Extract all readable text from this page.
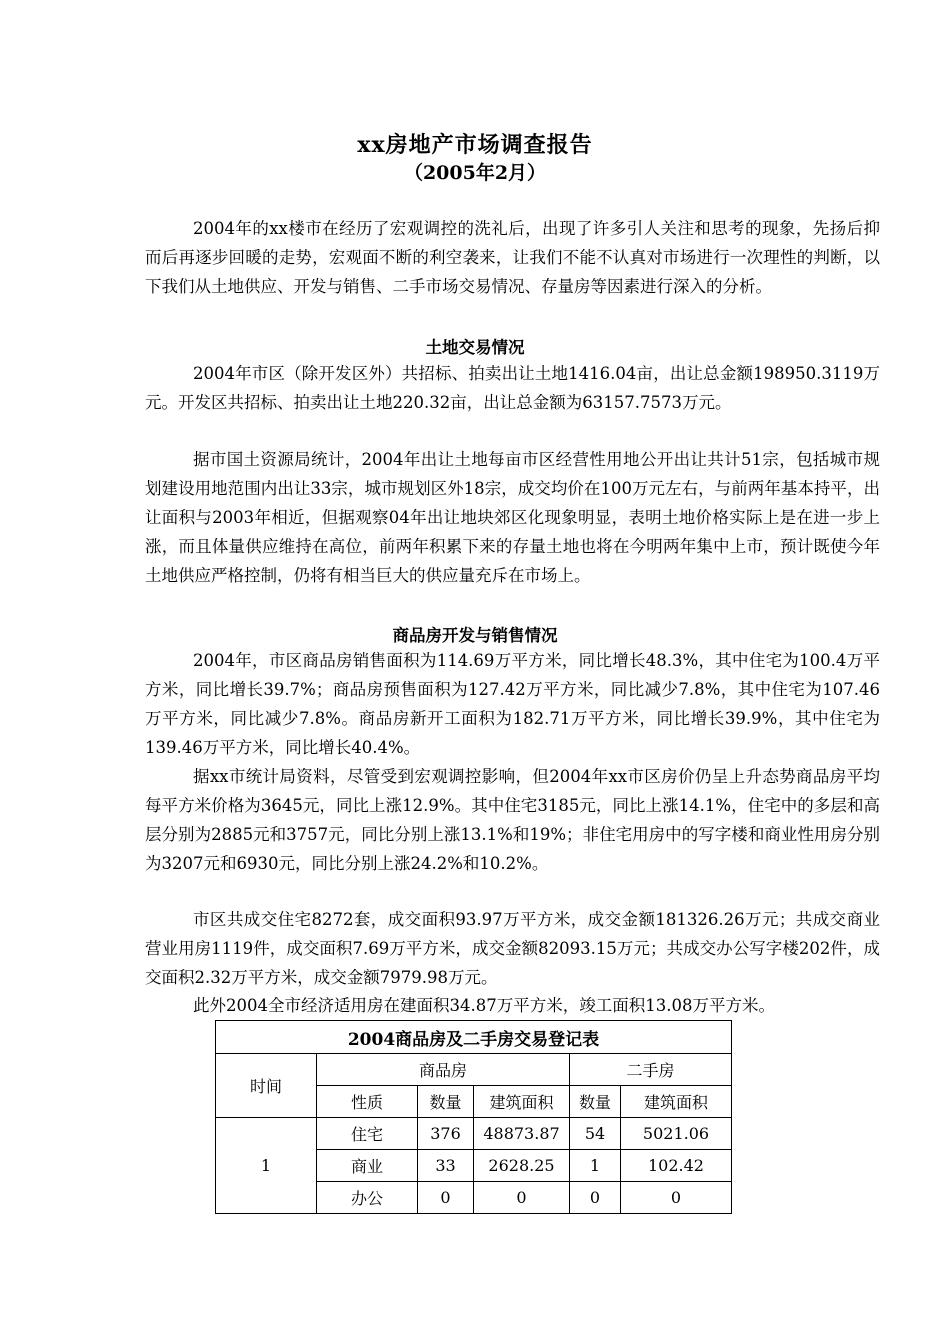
xx房地产市场调查报告
（2005年2月）

2004年的xx楼市在经历了宏观调控的洗礼后，出现了许多引人关注和思考的现象，先扬后抑而后再逐步回暖的走势，宏观面不断的利空袭来，让我们不能不认真对市场进行一次理性的判断，以下我们从土地供应、开发与销售、二手市场交易情况、存量房等因素进行深入的分析。

土地交易情况

2004年市区（除开发区外）共招标、拍卖出让土地1416.04亩，出让总金额198950.3119万元。开发区共招标、拍卖出让土地220.32亩，出让总金额为63157.7573万元。

据市国土资源局统计，2004年出让土地每亩市区经营性用地公开出让共计51宗，包括城市规划建设用地范围内出让33宗，城市规划区外18宗，成交均价在100万元左右，与前两年基本持平，出让面积与2003年相近，但据观察04年出让地块郊区化现象明显，表明土地价格实际上是在进一步上涨，而且体量供应维持在高位，前两年积累下来的存量土地也将在今明两年集中上市，预计既使今年土地供应严格控制，仍将有相当巨大的供应量充斥在市场上。

商品房开发与销售情况

2004年，市区商品房销售面积为114.69万平方米，同比增长48.3%，其中住宅为100.4万平方米，同比增长39.7%；商品房预售面积为127.42万平方米，同比减少7.8%，其中住宅为107.46万平方米，同比减少7.8%。商品房新开工面积为182.71万平方米，同比增长39.9%，其中住宅为139.46万平方米，同比增长40.4%。

据xx市统计局资料，尽管受到宏观调控影响，但2004年xx市区房价仍呈上升态势商品房平均每平方米价格为3645元，同比上涨12.9%。其中住宅3185元，同比上涨14.1%，住宅中的多层和高层分别为2885元和3757元，同比分别上涨13.1%和19%；非住宅用房中的写字楼和商业性用房分别为3207元和6930元，同比分别上涨24.2%和10.2%。

市区共成交住宅8272套，成交面积93.97万平方米，成交金额181326.26万元；共成交商业营业用房1119件，成交面积7.69万平方米，成交金额82093.15万元；共成交办公写字楼202件，成交面积2.32万平方米，成交金额7979.98万元。

此外2004全市经济适用房在建面积34.87万平方米，竣工面积13.08万平方米。

2004商品房及二手房交易登记表					
时间	商品房			二手房	
	性质	数量	建筑面积	数量	建筑面积
1	住宅	376	48873.87	54	5021.06
	商业	33	2628.25	1	102.42
	办公	0	0	0	0
